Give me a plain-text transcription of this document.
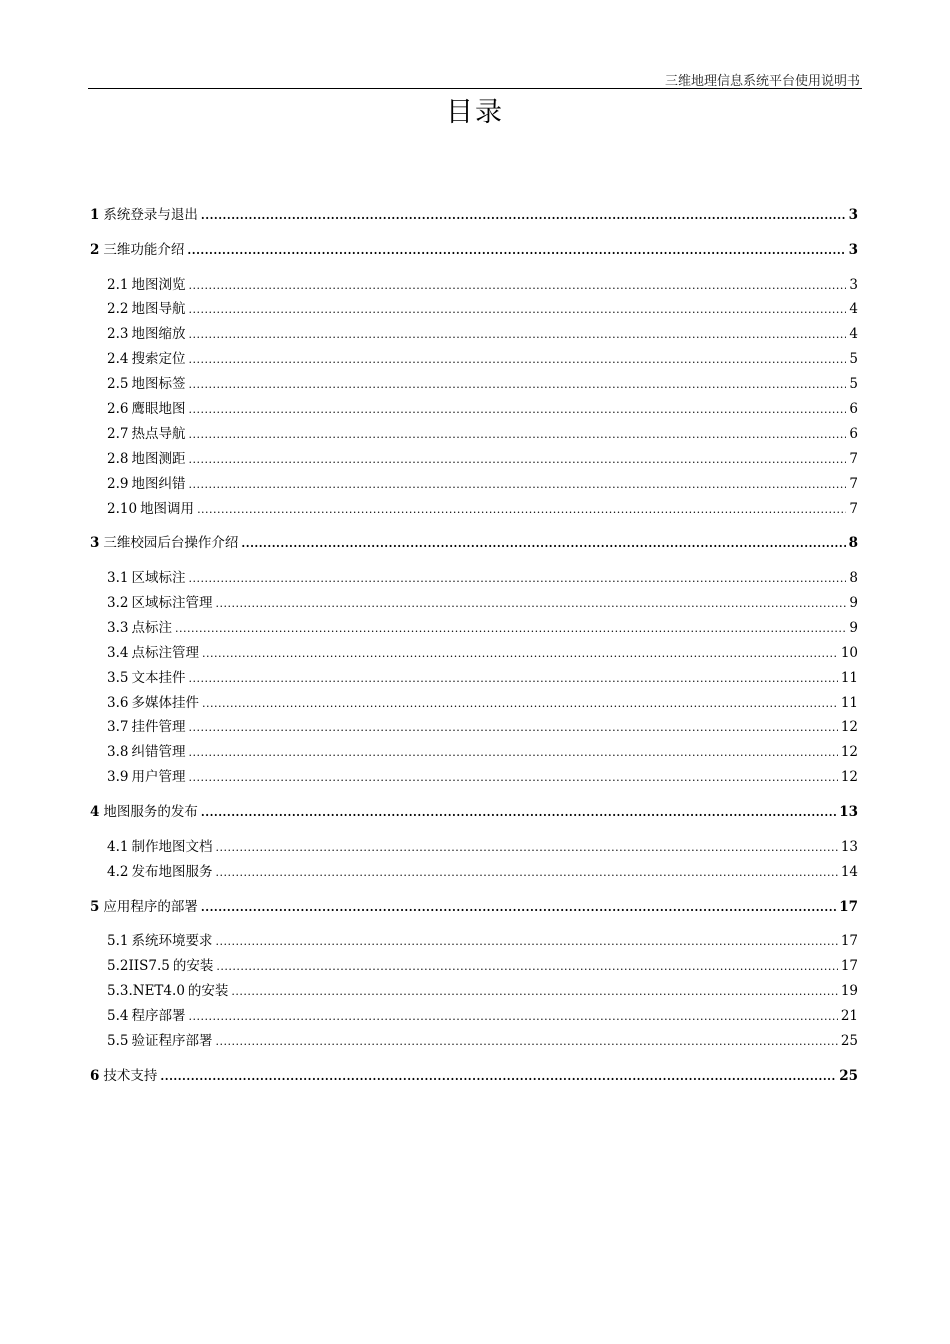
三维地理信息系统平台使用说明书
目录
1 系统登录与退出 .....	3
2 三维功能介绍 .....	3
2.1 地图浏览 .....	3
2.2 地图导航 .....	4
2.3 地图缩放 .....	4
2.4 搜索定位 .....	5
2.5 地图标签 .....	5
2.6 鹰眼地图 .....	6
2.7 热点导航 .....	6
2.8 地图测距 .....	7
2.9 地图纠错 .....	7
2.10 地图调用 .....	7
3 三维校园后台操作介绍 .....	8
3.1 区域标注 .....	8
3.2 区域标注管理 .....	9
3.3 点标注 .....	9
3.4 点标注管理 .....	10
3.5 文本挂件 .....	11
3.6 多媒体挂件 .....	11
3.7 挂件管理 .....	12
3.8 纠错管理 .....	12
3.9 用户管理 .....	12
4 地图服务的发布 .....	13
4.1 制作地图文档 .....	13
4.2 发布地图服务 .....	14
5 应用程序的部署 .....	17
5.1 系统环境要求 .....	17
5.2IIS7.5 的安装 .....	17
5.3.NET4.0 的安装 .....	19
5.4 程序部署 .....	21
5.5 验证程序部署 .....	25
6 技术支持 .....	25
